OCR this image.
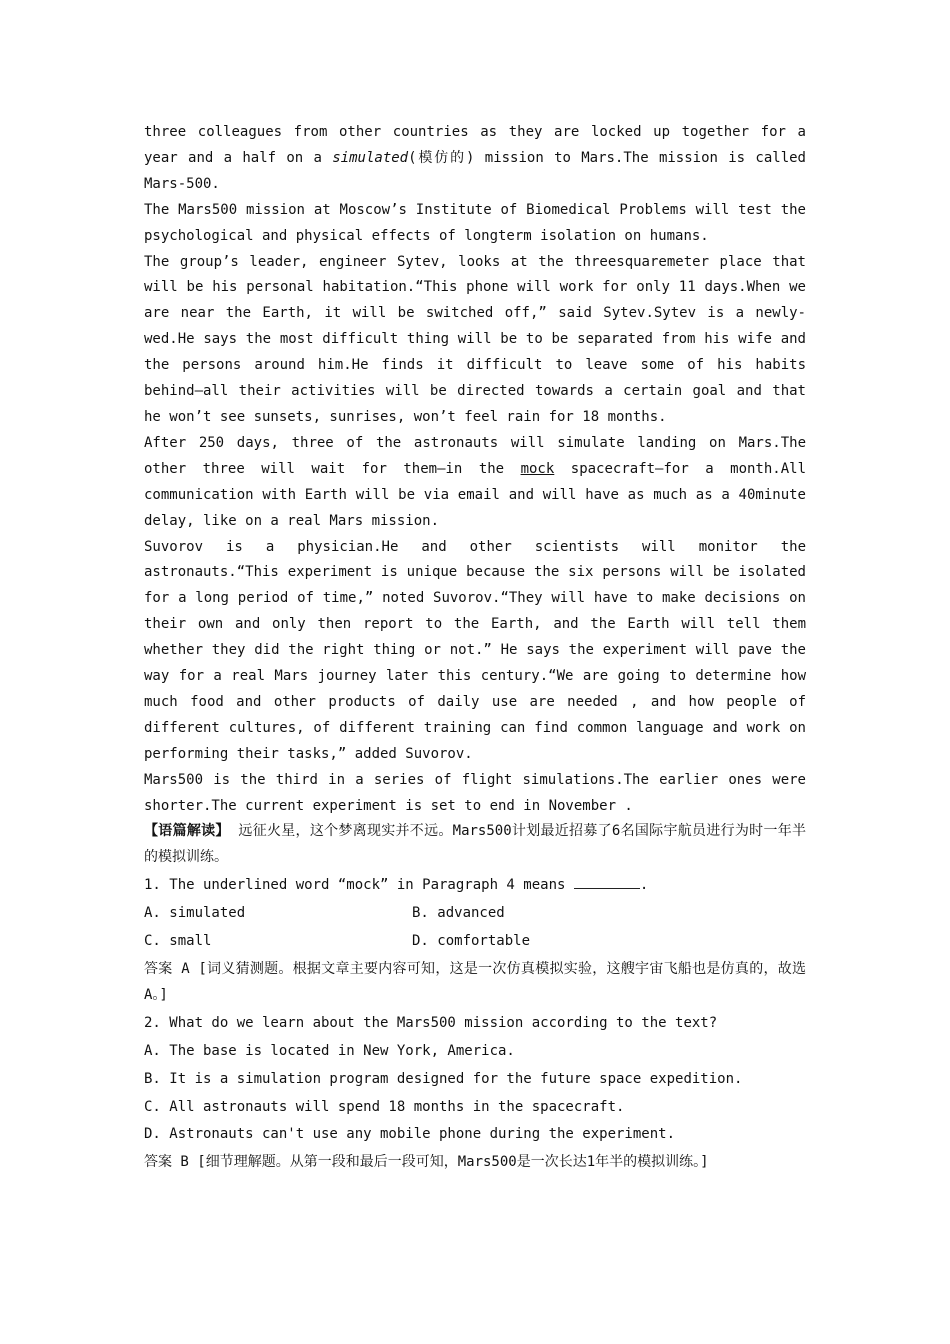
three colleagues from other countries as they are locked up together for a year and a half on a simulated(模仿的) mission to Mars.The mission is called Mars-500.

The Mars500 mission at Moscow’s Institute of Biomedical Problems will test the psychological and physical effects of longterm isolation on humans.

The group’s leader, engineer Sytev, looks at the threesquaremeter place that will be his personal habitation.“This phone will work for only 11 days.When we are near the Earth, it will be switched off,” said Sytev.Sytev is a newly-wed.He says the most difficult thing will be to be separated from his wife and the persons around him.He finds it difficult to leave some of his habits behind—all their activities will be directed towards a certain goal and that he won’t see sunsets, sunrises, won’t feel rain for 18 months.

After 250 days, three of the astronauts will simulate landing on Mars.The other three will wait for them—in the mock spacecraft—for a month.All communication with Earth will be via email and will have as much as a 40minute delay, like on a real Mars mission.

Suvorov is a physician.He and other scientists will monitor the astronauts.“This experiment is unique because the six persons will be isolated for a long period of time,” noted Suvorov.“They will have to make decisions on their own and only then report to the Earth, and the Earth will tell them whether they did the right thing or not.” He says the experiment will pave the way for a real Mars journey later this century.“We are going to determine how much food and other products of daily use are needed , and how people of different cultures, of different training can find common language and work on performing their tasks,” added Suvorov.

Mars500 is the third in a series of flight simulations.The earlier ones were shorter.The current experiment is set to end in November .

【语篇解读】 远征火星，这个梦离现实并不远。Mars500计划最近招募了6名国际宇航员进行为时一年半的模拟训练。

1. The underlined word “mock” in Paragraph 4 means	.

A. simulated	B. advanced
C. small	D. comfortable

答案 A [词义猜测题。根据文章主要内容可知，这是一次仿真模拟实验，这艘宇宙飞船也是仿真的，故选A。]

2. What do we learn about the Mars500 mission according to the text?

A. The base is located in New York, America.

B. It is a simulation program designed for the future space expedition.

C. All astronauts will spend 18 months in the spacecraft.

D. Astronauts can't use any mobile phone during the experiment.

答案 B [细节理解题。从第一段和最后一段可知，Mars500是一次长达1年半的模拟训练。]
